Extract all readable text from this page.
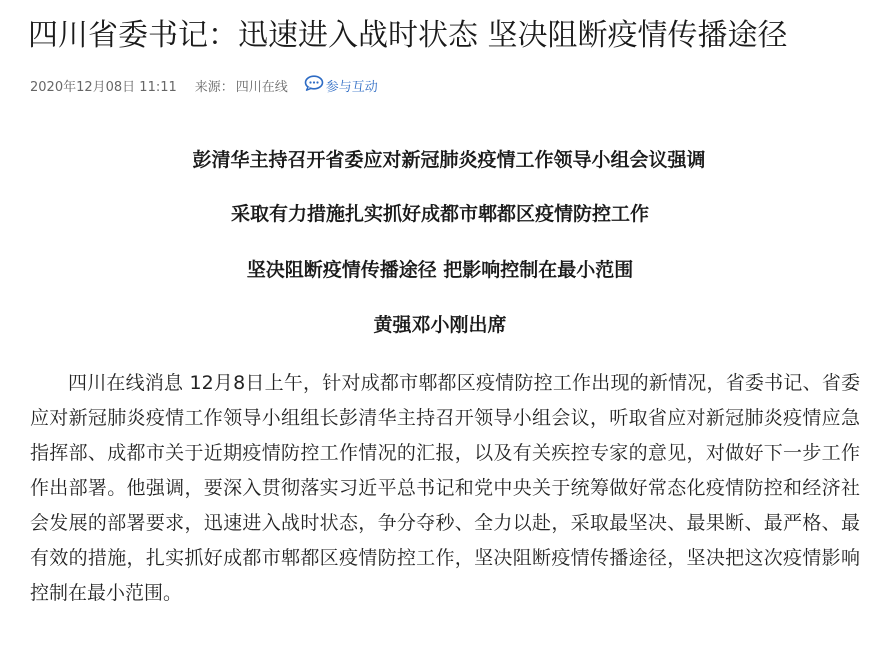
四川省委书记：迅速进入战时状态 坚决阻断疫情传播途径
2020年12月08日 11:11 来源： 四川在线	参与互动

彭清华主持召开省委应对新冠肺炎疫情工作领导小组会议强调

采取有力措施扎实抓好成都市郫都区疫情防控工作

坚决阻断疫情传播途径 把影响控制在最小范围

黄强邓小刚出席

四川在线消息 12月8日上午，针对成都市郫都区疫情防控工作出现的新情况，省委书记、省委应对新冠肺炎疫情工作领导小组组长彭清华主持召开领导小组会议，听取省应对新冠肺炎疫情应急指挥部、成都市关于近期疫情防控工作情况的汇报，以及有关疾控专家的意见，对做好下一步工作作出部署。他强调，要深入贯彻落实习近平总书记和党中央关于统筹做好常态化疫情防控和经济社会发展的部署要求，迅速进入战时状态，争分夺秒、全力以赴，采取最坚决、最果断、最严格、最有效的措施，扎实抓好成都市郫都区疫情防控工作，坚决阻断疫情传播途径，坚决把这次疫情影响控制在最小范围。
